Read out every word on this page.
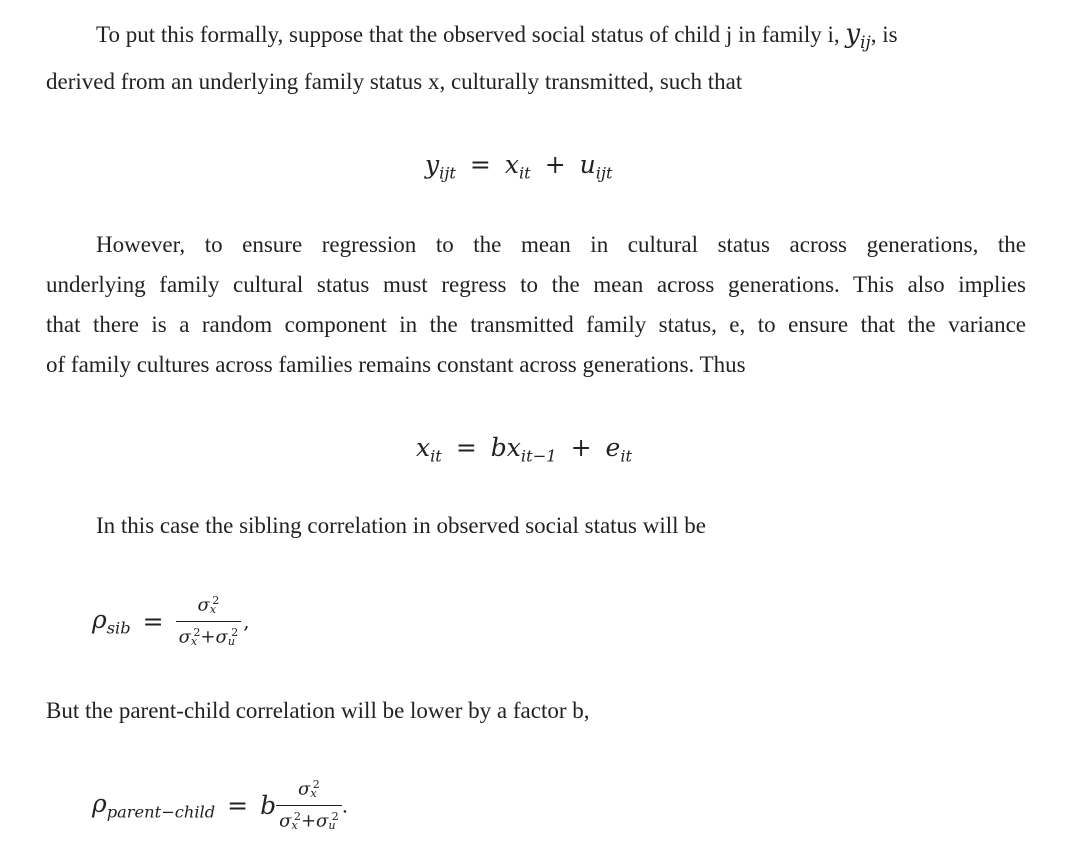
To put this formally, suppose that the observed social status of child j in family i, $y_{ij}$, is
derived from an underlying family status x, culturally transmitted, such that

$y_{ijt} = x_{it} + u_{ijt}$
However, to ensure regression to the mean in cultural status across generations, the
underlying family cultural status must regress to the mean across generations. This also implies
that there is a random component in the transmitted family status, e, to ensure that the variance
of family cultures across families remains constant across generations. Thus
$x_{it} = bx_{it-1} + e_{it}$

In this case the sibling correlation in observed social status will be

$\rho_{sib} = \frac{\sigma x^2}{\sigma x^2+\sigma u^2}$ ,

But the parent-child correlation will be lower by a factor b,

$\rho_{parent-child} = b \frac{\sigma x^2}{\sigma x^2+\sigma u^2}$ .
